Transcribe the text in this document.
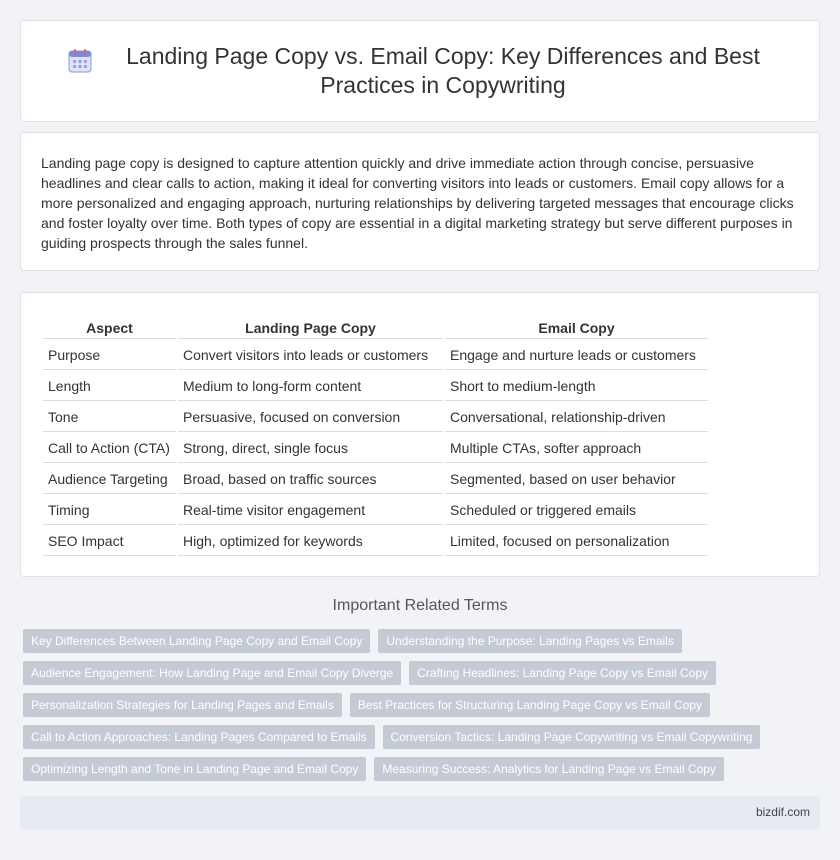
Landing Page Copy vs. Email Copy: Key Differences and Best Practices in Copywriting

Landing page copy is designed to capture attention quickly and drive immediate action through concise, persuasive headlines and clear calls to action, making it ideal for converting visitors into leads or customers. Email copy allows for a more personalized and engaging approach, nurturing relationships by delivering targeted messages that encourage clicks and foster loyalty over time. Both types of copy are essential in a digital marketing strategy but serve different purposes in guiding prospects through the sales funnel.

Aspect	Landing Page Copy	Email Copy
Purpose	Convert visitors into leads or customers	Engage and nurture leads or customers
Length	Medium to long-form content	Short to medium-length
Tone	Persuasive, focused on conversion	Conversational, relationship-driven
Call to Action (CTA)	Strong, direct, single focus	Multiple CTAs, softer approach
Audience Targeting	Broad, based on traffic sources	Segmented, based on user behavior
Timing	Real-time visitor engagement	Scheduled or triggered emails
SEO Impact	High, optimized for keywords	Limited, focused on personalization
Important Related Terms
Key Differences Between Landing Page Copy and Email Copy	Understanding the Purpose: Landing Pages vs Emails
Audience Engagement: How Landing Page and Email Copy Diverge	Crafting Headlines: Landing Page Copy vs Email Copy
Personalization Strategies for Landing Pages and Emails	Best Practices for Structuring Landing Page Copy vs Email Copy
Call to Action Approaches: Landing Pages Compared to Emails	Conversion Tactics: Landing Page Copywriting vs Email Copywriting
Optimizing Length and Tone in Landing Page and Email Copy	Measuring Success: Analytics for Landing Page vs Email Copy
bizdif.com
